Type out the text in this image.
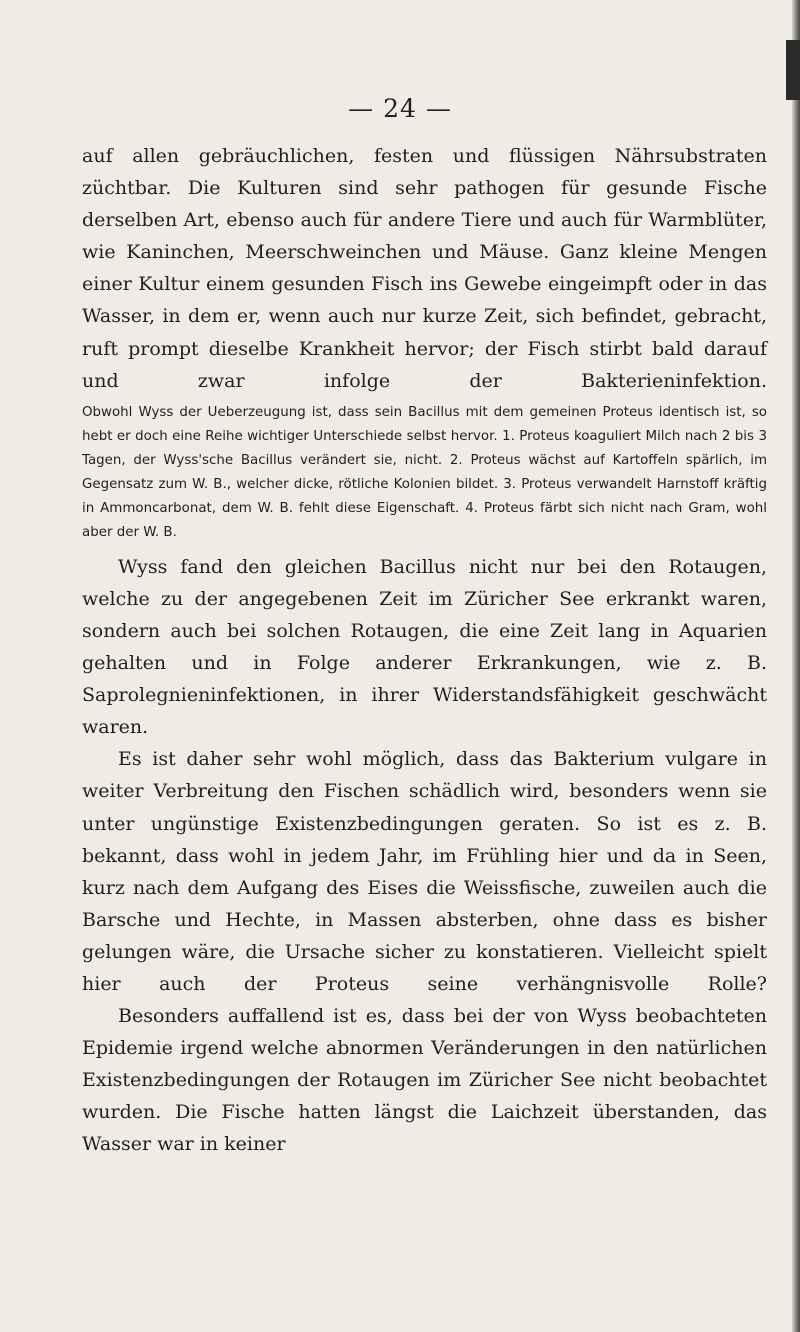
— 24 —

auf allen gebräuchlichen, festen und flüssigen Nährsubstraten züchtbar. Die Kulturen sind sehr pathogen für gesunde Fische derselben Art, ebenso auch für andere Tiere und auch für Warmblüter, wie Kaninchen, Meerschweinchen und Mäuse. Ganz kleine Mengen einer Kultur einem gesunden Fisch ins Gewebe eingeimpft oder in das Wasser, in dem er, wenn auch nur kurze Zeit, sich befindet, gebracht, ruft prompt dieselbe Krankheit hervor; der Fisch stirbt bald darauf und zwar infolge der Bakterieninfektion.

Obwohl Wyss der Ueberzeugung ist, dass sein Bacillus mit dem gemeinen Proteus identisch ist, so hebt er doch eine Reihe wichtiger Unterschiede selbst hervor. 1. Proteus koaguliert Milch nach 2 bis 3 Tagen, der Wyss'sche Bacillus verändert sie, nicht. 2. Proteus wächst auf Kartoffeln spärlich, im Gegensatz zum W. B., welcher dicke, rötliche Kolonien bildet. 3. Proteus verwandelt Harnstoff kräftig in Ammoncarbonat, dem W. B. fehlt diese Eigenschaft. 4. Proteus färbt sich nicht nach Gram, wohl aber der W. B.

Wyss fand den gleichen Bacillus nicht nur bei den Rotaugen, welche zu der angegebenen Zeit im Züricher See erkrankt waren, sondern auch bei solchen Rotaugen, die eine Zeit lang in Aquarien gehalten und in Folge anderer Erkrankungen, wie z. B. Saprolegnieninfektionen, in ihrer Widerstandsfähigkeit geschwächt waren.

Es ist daher sehr wohl möglich, dass das Bakterium vulgare in weiter Verbreitung den Fischen schädlich wird, besonders wenn sie unter ungünstige Existenzbedingungen geraten. So ist es z. B. bekannt, dass wohl in jedem Jahr, im Frühling hier und da in Seen, kurz nach dem Aufgang des Eises die Weissfische, zuweilen auch die Barsche und Hechte, in Massen absterben, ohne dass es bisher gelungen wäre, die Ursache sicher zu konstatieren. Vielleicht spielt hier auch der Proteus seine verhängnisvolle Rolle?

Besonders auffallend ist es, dass bei der von Wyss beobachteten Epidemie irgend welche abnormen Veränderungen in den natürlichen Existenzbedingungen der Rotaugen im Züricher See nicht beobachtet wurden. Die Fische hatten längst die Laichzeit überstanden, das Wasser war in keiner
